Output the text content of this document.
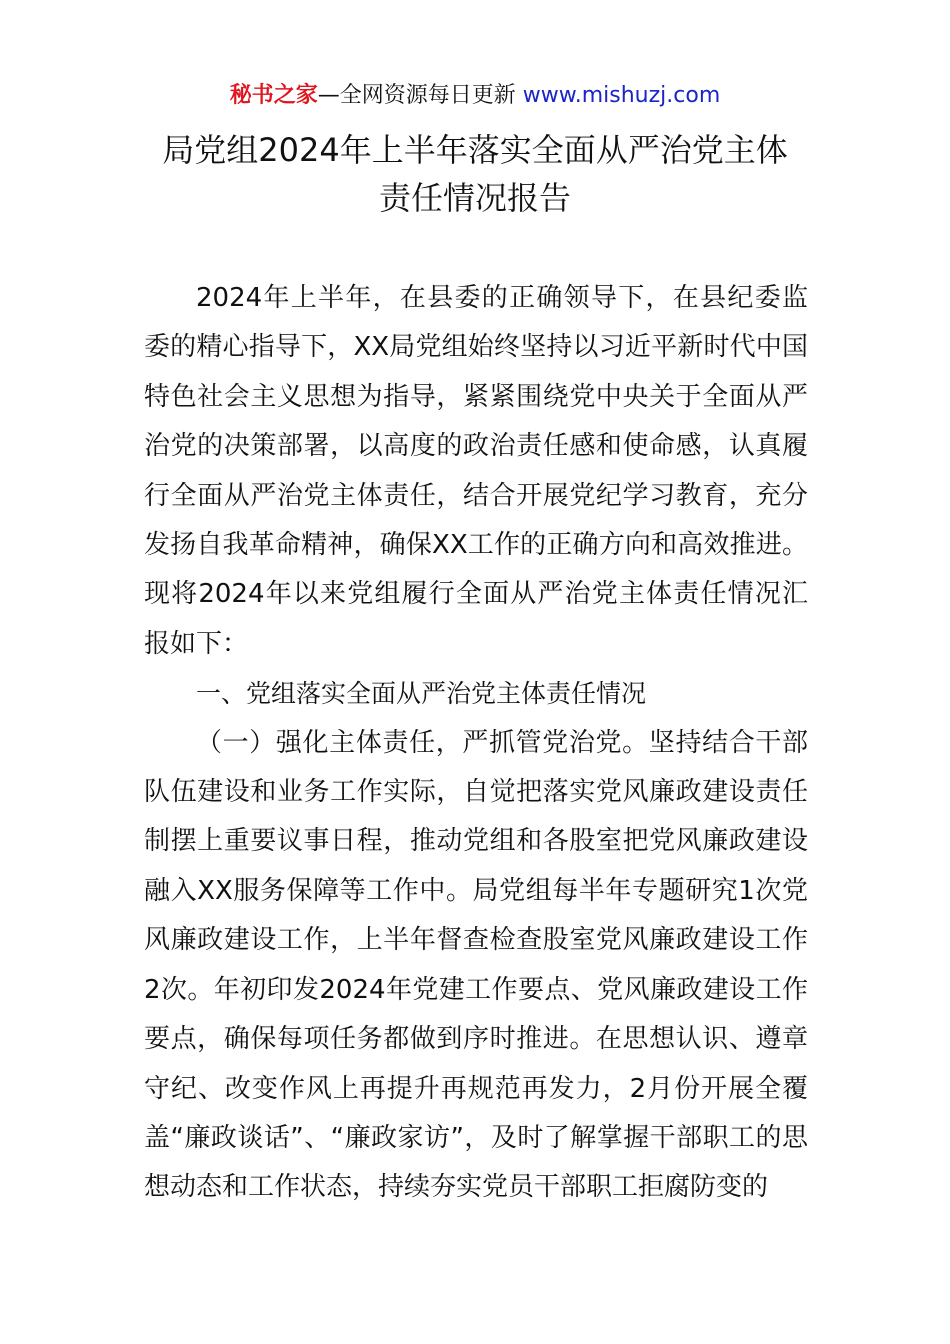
秘书之家—全网资源每日更新 www.mishuzj.com
局党组2024年上半年落实全面从严治党主体
责任情况报告

2024年上半年，在县委的正确领导下，在县纪委监委的精心指导下，XX局党组始终坚持以习近平新时代中国特色社会主义思想为指导，紧紧围绕党中央关于全面从严治党的决策部署，以高度的政治责任感和使命感，认真履行全面从严治党主体责任，结合开展党纪学习教育，充分发扬自我革命精神，确保XX工作的正确方向和高效推进。现将2024年以来党组履行全面从严治党主体责任情况汇报如下：

一、党组落实全面从严治党主体责任情况

（一）强化主体责任，严抓管党治党。坚持结合干部队伍建设和业务工作实际，自觉把落实党风廉政建设责任制摆上重要议事日程，推动党组和各股室把党风廉政建设融入XX服务保障等工作中。局党组每半年专题研究1次党风廉政建设工作，上半年督查检查股室党风廉政建设工作2次。年初印发2024年党建工作要点、党风廉政建设工作要点，确保每项任务都做到序时推进。在思想认识、遵章守纪、改变作风上再提升再规范再发力，2月份开展全覆盖“廉政谈话”、“廉政家访”，及时了解掌握干部职工的思想动态和工作状态，持续夯实党员干部职工拒腐防变的
